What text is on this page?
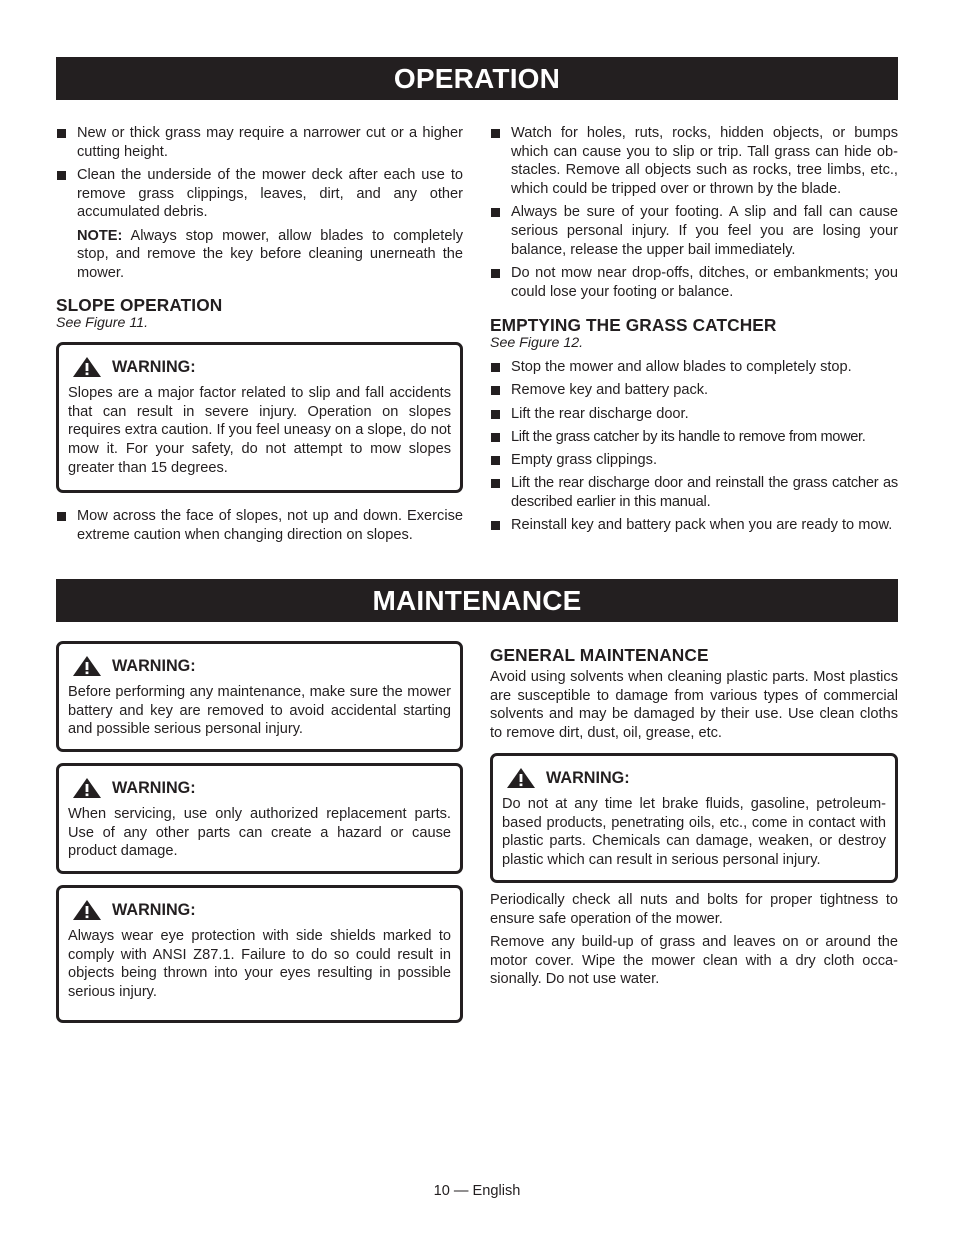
OPERATION
New or thick grass may require a narrower cut or a higher cutting height.
Clean the underside of the mower deck after each use to remove grass clippings, leaves, dirt, and any other accumulated debris.

NOTE: Always stop mower, allow blades to completely stop, and remove the key before cleaning unerneath the mower.

SLOPE OPERATION

See Figure 11.

WARNING:
Slopes are a major factor related to slip and fall accidents that can result in severe injury. Operation on slopes requires extra caution. If you feel uneasy on a slope, do not mow it. For your safety, do not attempt to mow slopes greater than 15 degrees.
Mow across the face of slopes, not up and down. Exercise extreme caution when changing direction on slopes.
Watch for holes, ruts, rocks, hidden objects, or bumps which can cause you to slip or trip. Tall grass can hide obstacles. Remove all objects such as rocks, tree limbs, etc., which could be tripped over or thrown by the blade.
Always be sure of your footing. A slip and fall can cause serious personal injury. If you feel you are losing your balance, release the upper bail immediately.
Do not mow near drop-offs, ditches, or embankments; you could lose your footing or balance.
EMPTYING THE GRASS CATCHER

See Figure 12.

Stop the mower and allow blades to completely stop.
Remove key and battery pack.
Lift the rear discharge door.
Lift the grass catcher by its handle to remove from mower.
Empty grass clippings.
Lift the rear discharge door and reinstall the grass catcher as described earlier in this manual.
Reinstall key and battery pack when you are ready to mow.
MAINTENANCE
WARNING:
Before performing any maintenance, make sure the mower battery and key are removed to avoid accidental starting and possible serious personal injury.
WARNING:
When servicing, use only authorized replacement parts. Use of any other parts can create a hazard or cause product damage.
WARNING:
Always wear eye protection with side shields marked to comply with ANSI Z87.1. Failure to do so could result in objects being thrown into your eyes resulting in possible serious injury.
GENERAL MAINTENANCE

Avoid using solvents when cleaning plastic parts. Most plastics are susceptible to damage from various types of commercial solvents and may be damaged by their use. Use clean cloths to remove dirt, dust, oil, grease, etc.

WARNING:
Do not at any time let brake fluids, gasoline, petroleum-based products, penetrating oils, etc., come in contact with plastic parts. Chemicals can damage, weaken, or destroy plastic which can result in serious personal injury.

Periodically check all nuts and bolts for proper tightness to ensure safe operation of the mower.

Remove any build-up of grass and leaves on or around the motor cover. Wipe the mower clean with a dry cloth occasionally. Do not use water.

10 — English
